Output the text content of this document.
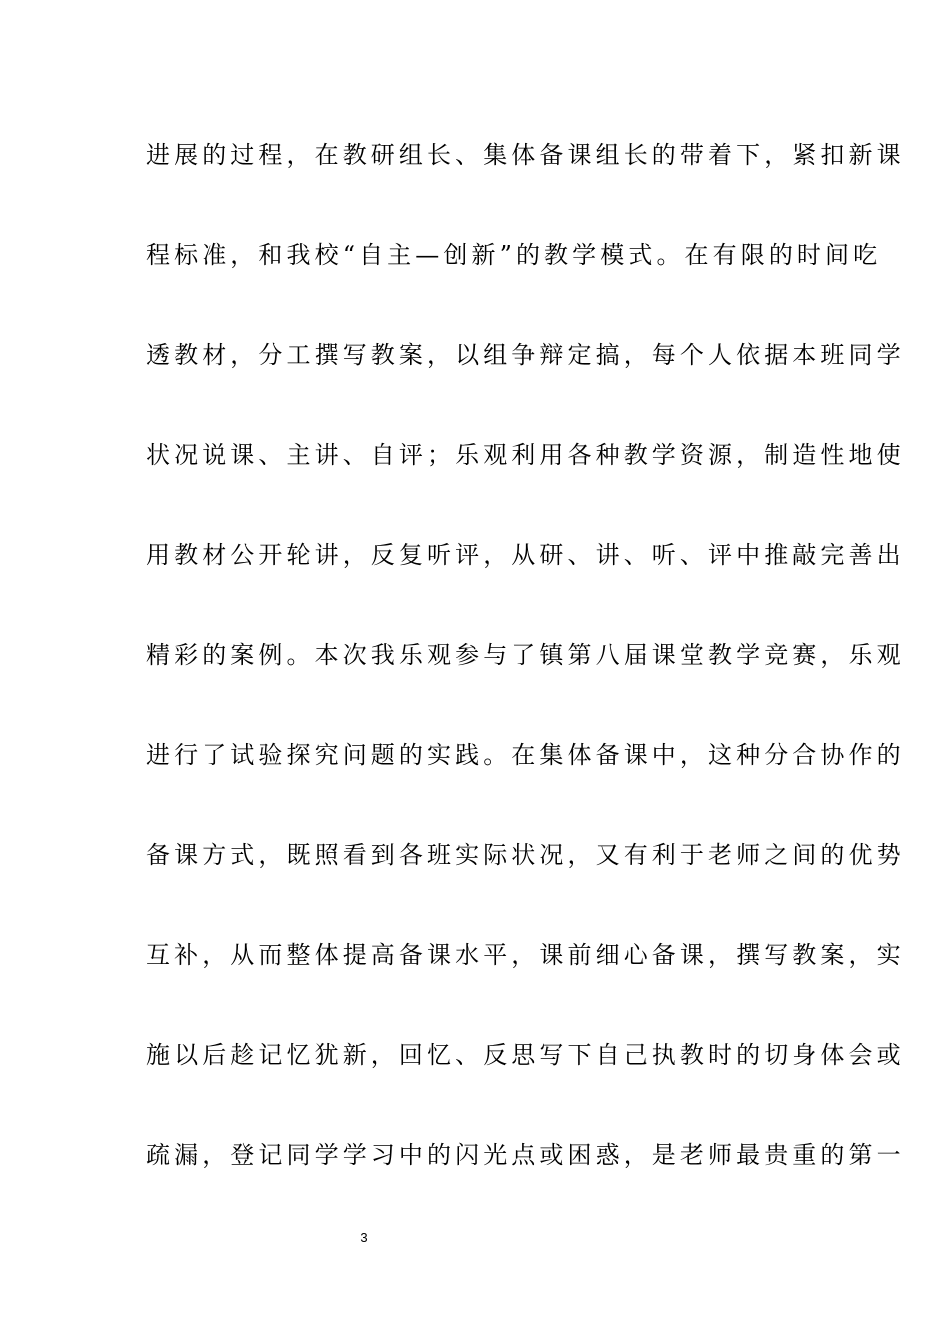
进展的过程，在教研组长、集体备课组长的带着下，紧扣新课
程标准，和我校“自主—创新”的教学模式。在有限的时间吃
透教材，分工撰写教案，以组争辩定搞，每个人依据本班同学
状况说课、主讲、自评；乐观利用各种教学资源，制造性地使
用教材公开轮讲，反复听评，从研、讲、听、评中推敲完善出
精彩的案例。本次我乐观参与了镇第八届课堂教学竞赛，乐观
进行了试验探究问题的实践。在集体备课中，这种分合协作的
备课方式，既照看到各班实际状况，又有利于老师之间的优势
互补，从而整体提高备课水平，课前细心备课，撰写教案，实
施以后趁记忆犹新，回忆、反思写下自己执教时的切身体会或
疏漏，登记同学学习中的闪光点或困惑，是老师最贵重的第一
3
